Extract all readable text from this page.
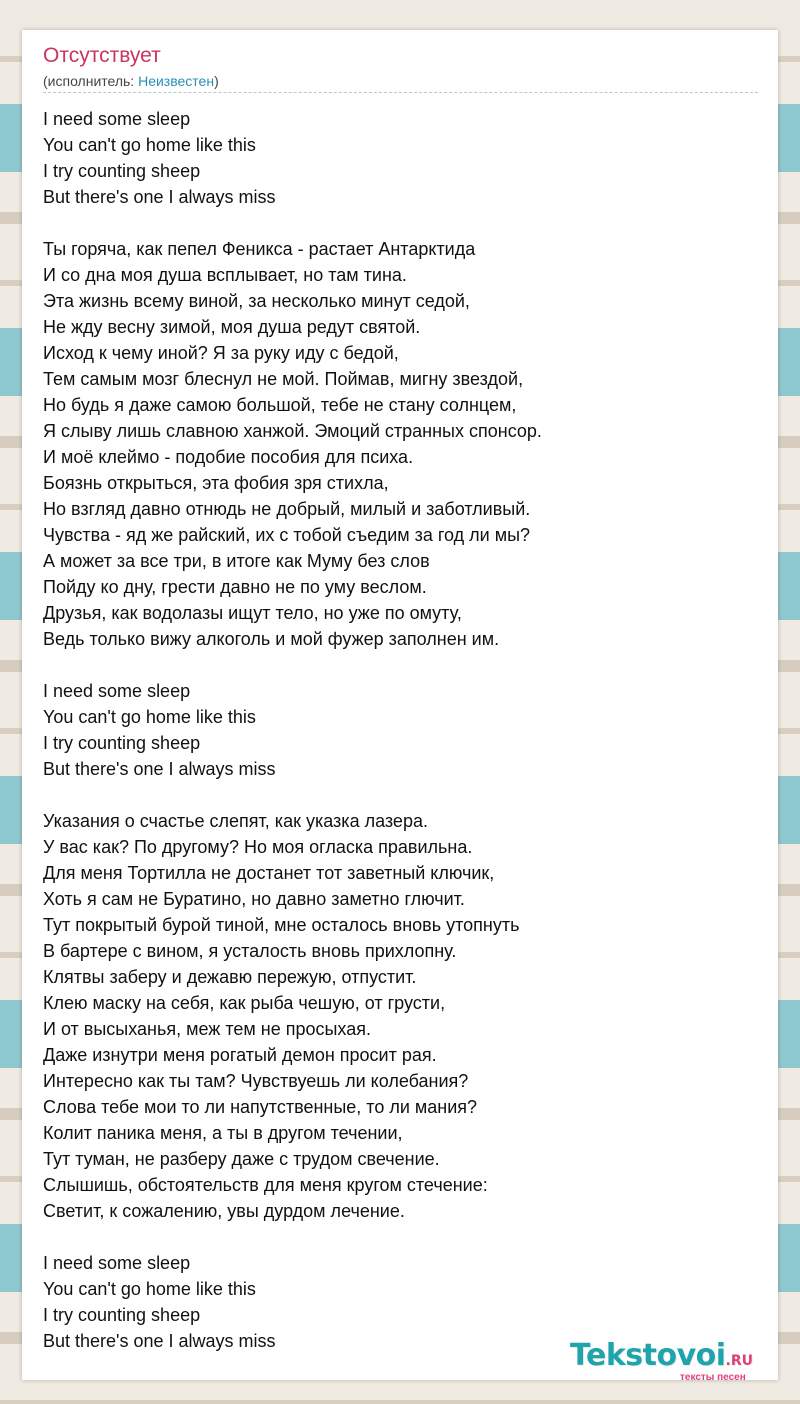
Отсутствует
(исполнитель: Неизвестен)
I need some sleep
You can't go home like this
I try counting sheep
But there's one I always miss
Ты горяча, как пепел Феникса - растает Антарктида
И со дна моя душа всплывает, но там тина.
Эта жизнь всему виной, за несколько минут седой,
Не жду весну зимой, моя душа редут святой.
Исход к чему иной? Я за руку иду с бедой,
Тем самым мозг блеснул не мой. Поймав, мигну звездой,
Но будь я даже самою большой, тебе не стану солнцем,
Я слыву лишь славною ханжой. Эмоций странных спонсор.
И моё клеймо - подобие пособия для психа.
Боязнь открыться, эта фобия зря стихла,
Но взгляд давно отнюдь не добрый, милый и заботливый.
Чувства - яд же райский, их с тобой съедим за год ли мы?
А может за все три, в итоге как Муму без слов
Пойду ко дну, грести давно не по уму веслом.
Друзья, как водолазы ищут тело, но уже по омуту,
Ведь только вижу алкоголь и мой фужер заполнен им.
I need some sleep
You can't go home like this
I try counting sheep
But there's one I always miss
Указания о счастье слепят, как указка лазера.
У вас как? По другому? Но моя огласка правильна.
Для меня Тортилла не достанет тот заветный ключик,
Хоть я сам не Буратино, но давно заметно глючит.
Тут покрытый бурой тиной, мне осталось вновь утопнуть
В бартере с вином, я усталость вновь прихлопну.
Клятвы заберу и дежавю пережую, отпустит.
Клею маску на себя, как рыба чешую, от грусти,
И от высыханья, меж тем не просыхая.
Даже изнутри меня рогатый демон просит рая.
Интересно как ты там? Чувствуешь ли колебания?
Слова тебе мои то ли напутственные, то ли мания?
Колит паника меня, а ты в другом течении,
Тут туман, не разберу даже с трудом свечение.
Слышишь, обстоятельств для меня кругом стечение:
Светит, к сожалению, увы дурдом лечение.
I need some sleep
You can't go home like this
I try counting sheep
But there's one I always miss	Tekstovoi.RU
тексты песен
